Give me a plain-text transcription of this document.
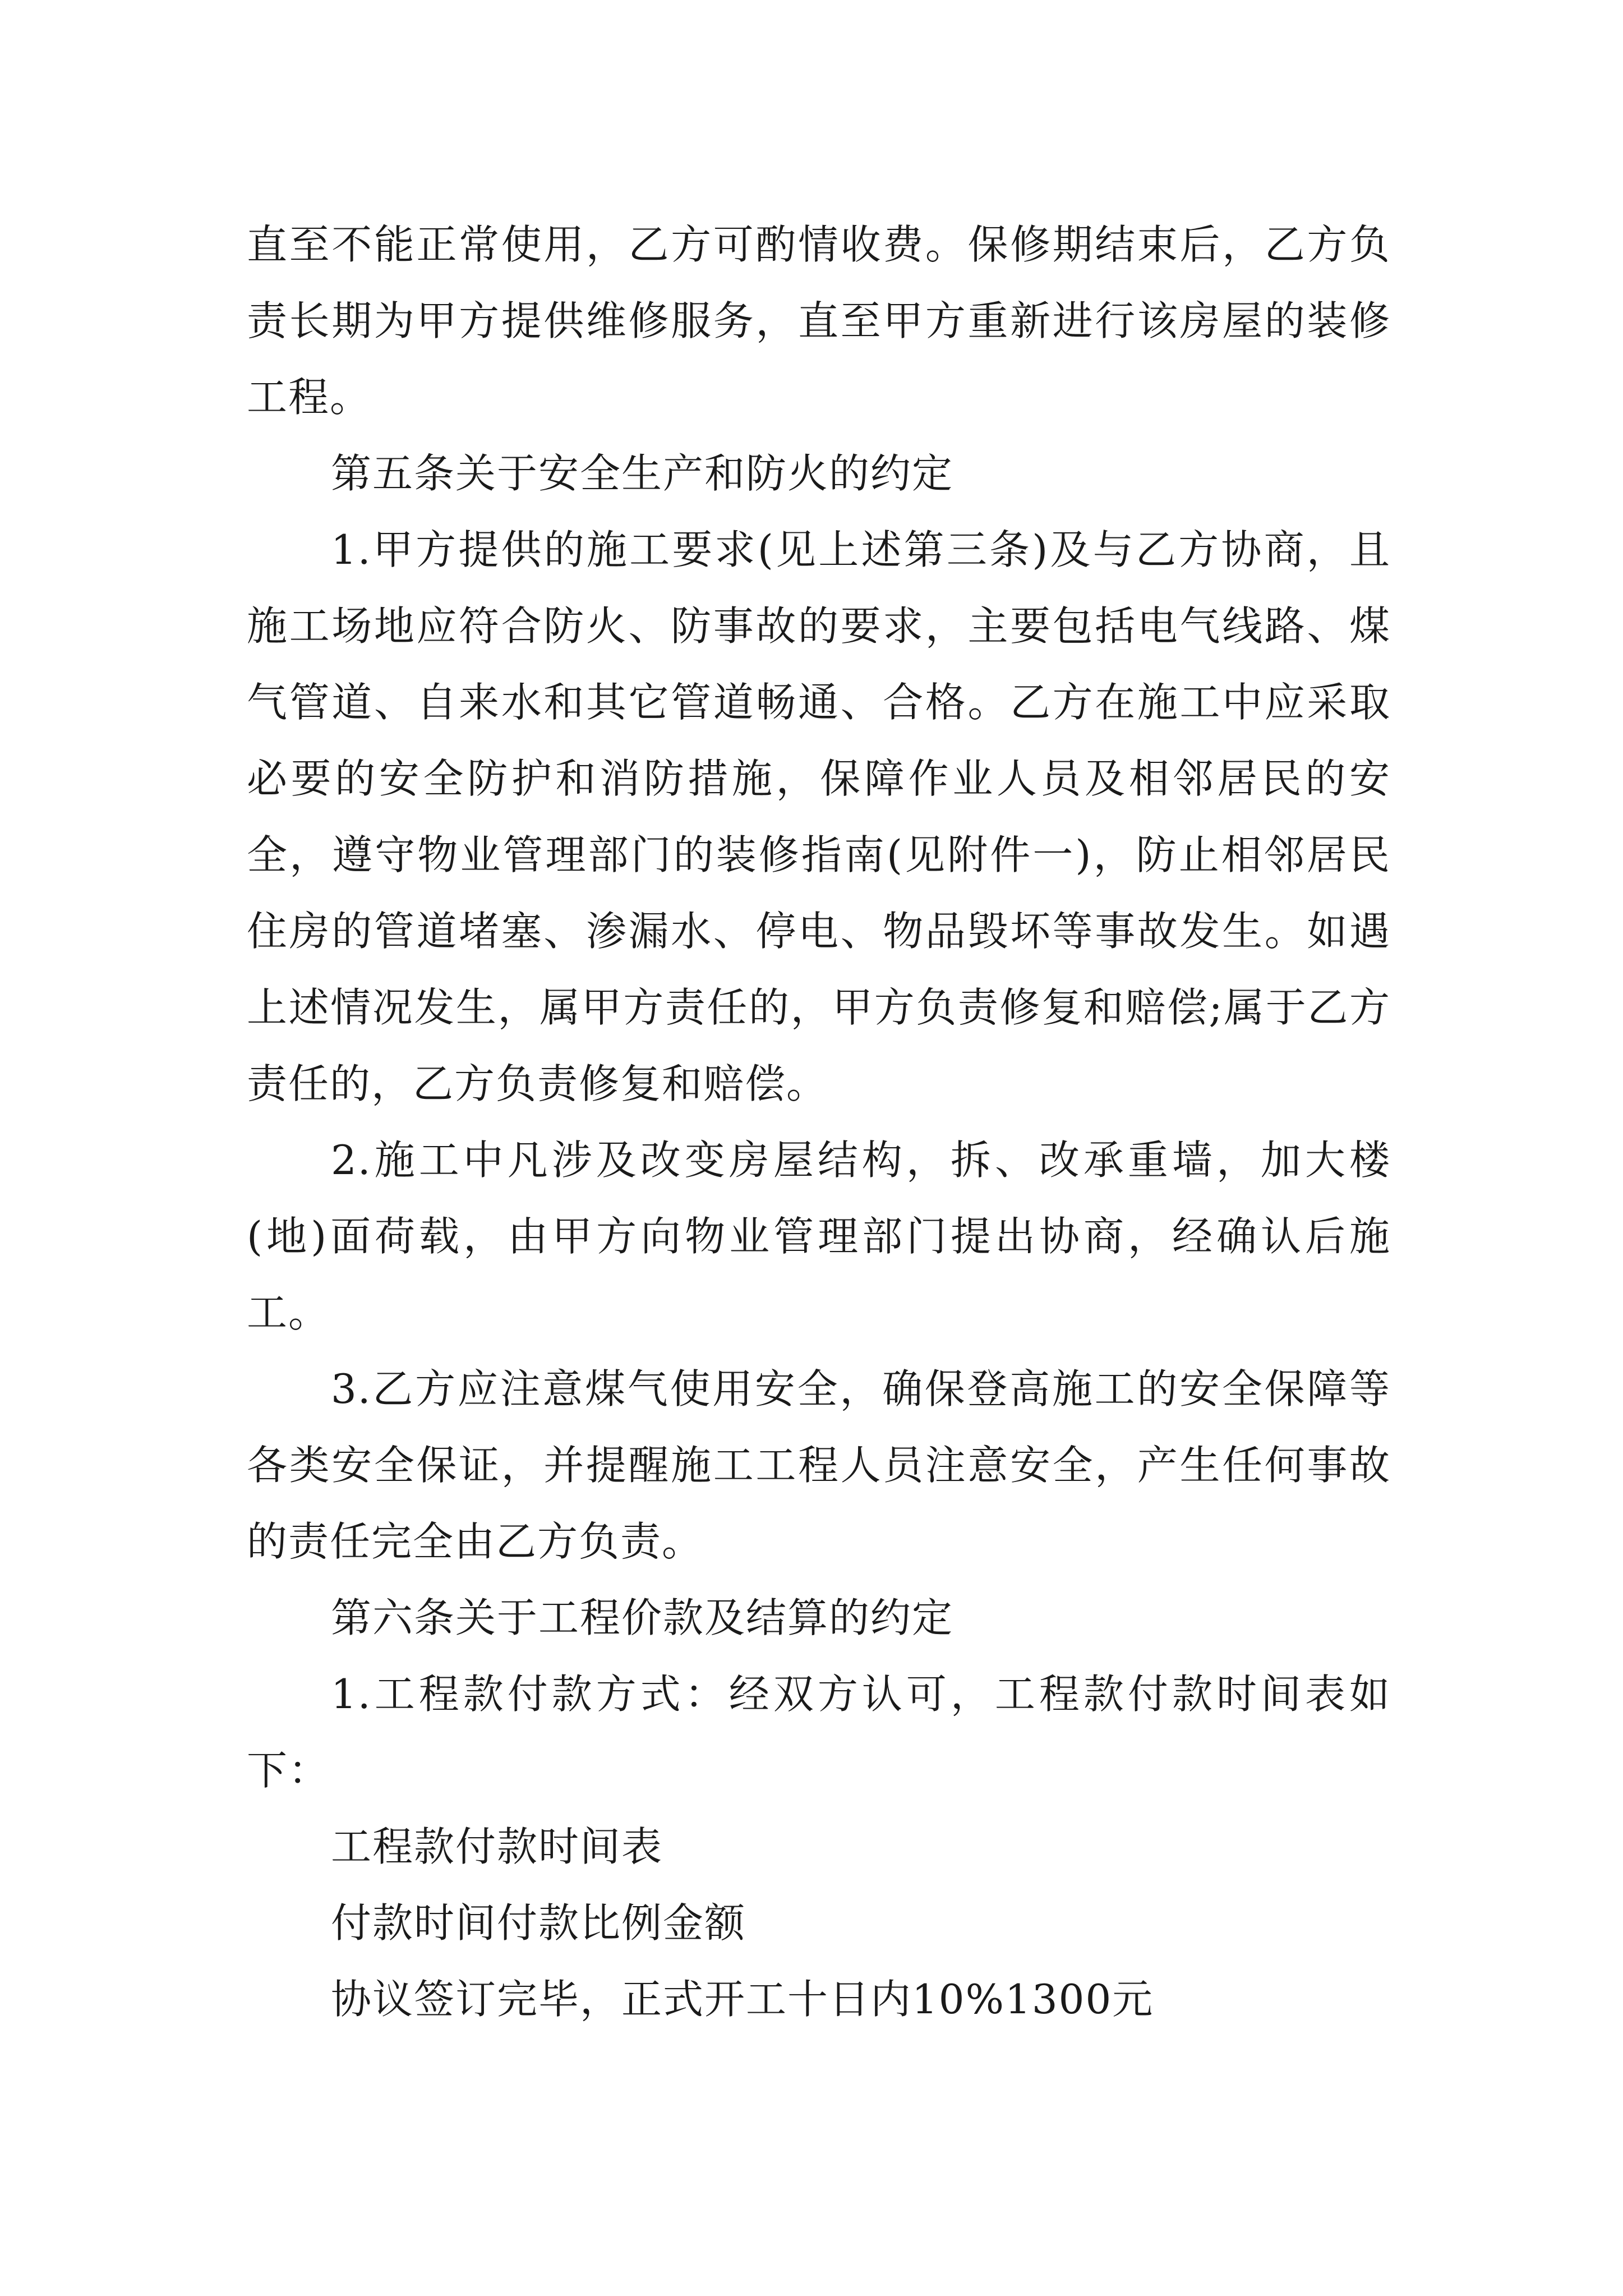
直至不能正常使用，乙方可酌情收费。保修期结束后，乙方负责长期为甲方提供维修服务，直至甲方重新进行该房屋的装修工程。

第五条关于安全生产和防火的约定

1.甲方提供的施工要求(见上述第三条)及与乙方协商，且施工场地应符合防火、防事故的要求，主要包括电气线路、煤气管道、自来水和其它管道畅通、合格。乙方在施工中应采取必要的安全防护和消防措施，保障作业人员及相邻居民的安全，遵守物业管理部门的装修指南(见附件一)，防止相邻居民住房的管道堵塞、渗漏水、停电、物品毁坏等事故发生。如遇上述情况发生，属甲方责任的，甲方负责修复和赔偿;属于乙方责任的，乙方负责修复和赔偿。

2.施工中凡涉及改变房屋结构，拆、改承重墙，加大楼(地)面荷载，由甲方向物业管理部门提出协商，经确认后施工。

3.乙方应注意煤气使用安全，确保登高施工的安全保障等各类安全保证，并提醒施工工程人员注意安全，产生任何事故的责任完全由乙方负责。

第六条关于工程价款及结算的约定

1.工程款付款方式：经双方认可，工程款付款时间表如下：

工程款付款时间表

付款时间付款比例金额

协议签订完毕，正式开工十日内10%1300元
